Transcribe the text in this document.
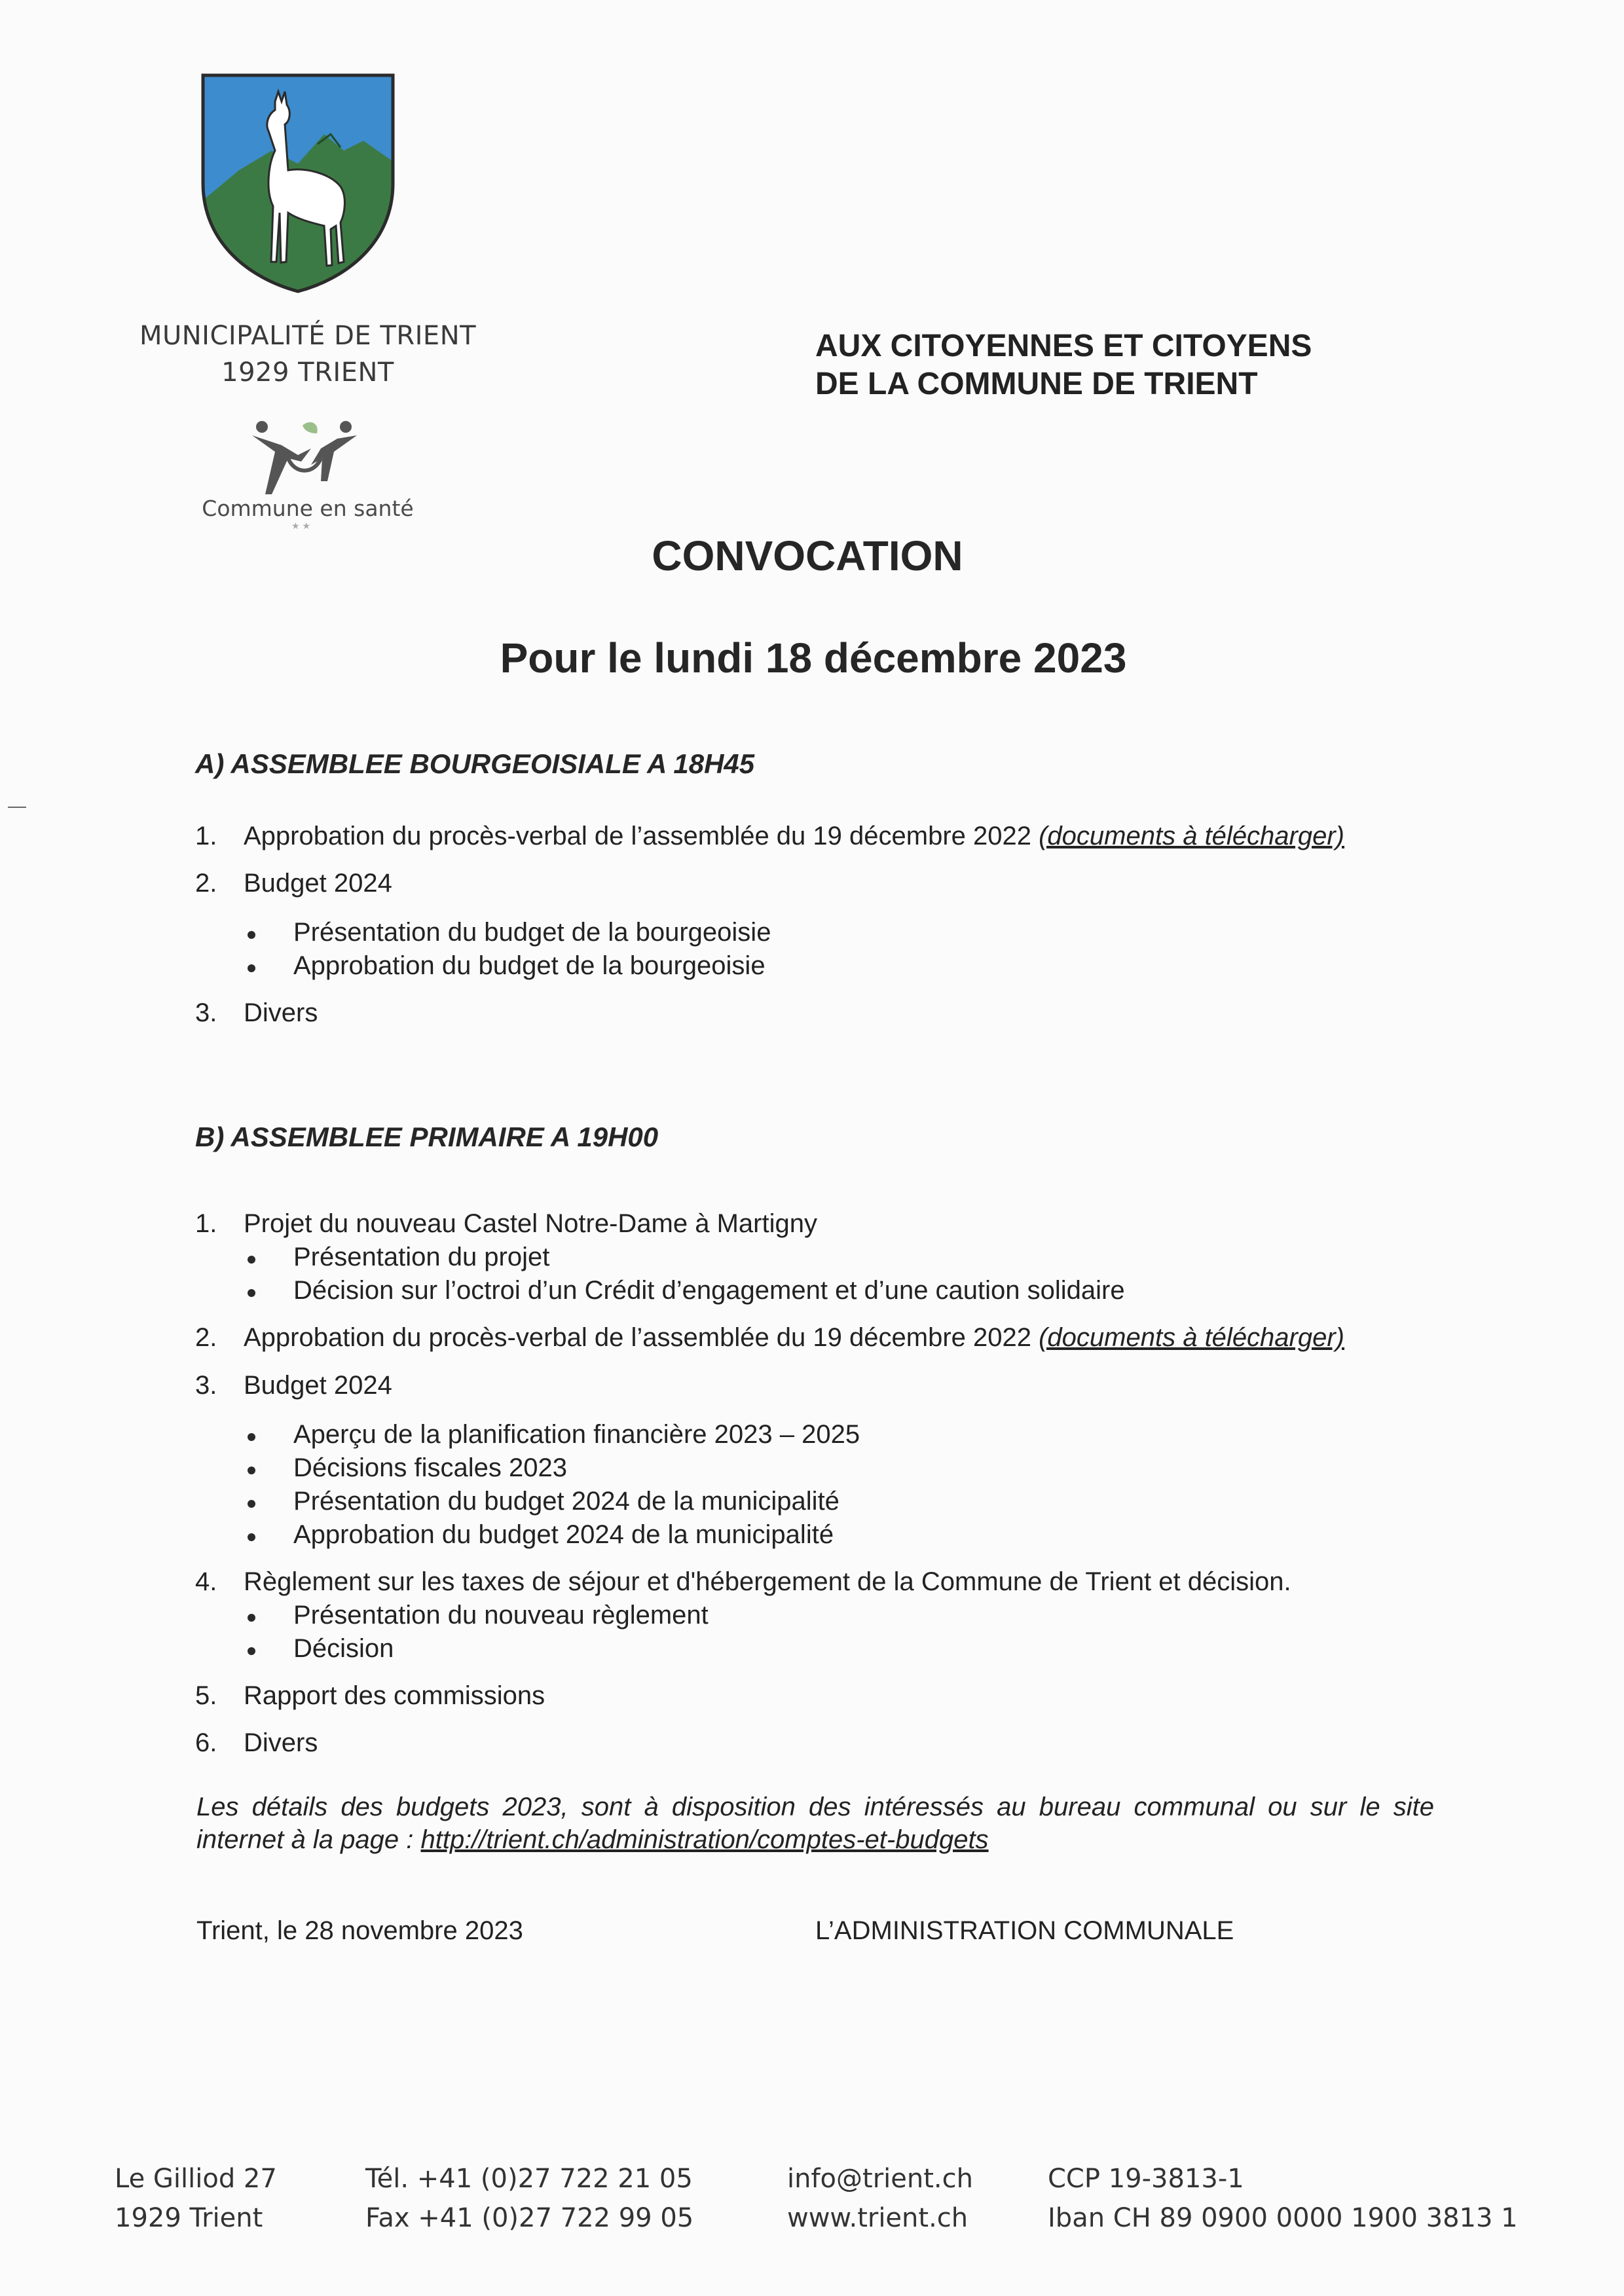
MUNICIPALITÉ DE TRIENT
1929 TRIENT
Commune en santé
★★
AUX CITOYENNES ET CITOYENS
DE LA COMMUNE DE TRIENT
CONVOCATION
Pour le lundi 18 décembre 2023
A) ASSEMBLEE BOURGEOISIALE A 18H45
1. Approbation du procès-verbal de l’assemblée du 19 décembre 2022 (documents à télécharger)
2. Budget 2024
Présentation du budget de la bourgeoisie
Approbation du budget de la bourgeoisie
3. Divers
B) ASSEMBLEE PRIMAIRE A 19H00
1. Projet du nouveau Castel Notre-Dame à Martigny
Présentation du projet
Décision sur l’octroi d’un Crédit d’engagement et d’une caution solidaire
2. Approbation du procès-verbal de l’assemblée du 19 décembre 2022 (documents à télécharger)
3. Budget 2024
Aperçu de la planification financière 2023 – 2025
Décisions fiscales 2023
Présentation du budget 2024 de la municipalité
Approbation du budget 2024 de la municipalité
4. Règlement sur les taxes de séjour et d'hébergement de la Commune de Trient et décision.
Présentation du nouveau règlement
Décision
5. Rapport des commissions
6. Divers
Les détails des budgets 2023, sont à disposition des intéressés au bureau communal ou sur le site internet à la page : http://trient.ch/administration/comptes-et-budgets
Trient, le 28 novembre 2023	L’ADMINISTRATION COMMUNALE
Le Gilliod 27
1929 Trient
Tél. +41 (0)27 722 21 05
Fax +41 (0)27 722 99 05
info@trient.ch
www.trient.ch
CCP 19-3813-1
Iban CH 89 0900 0000 1900 3813 1
